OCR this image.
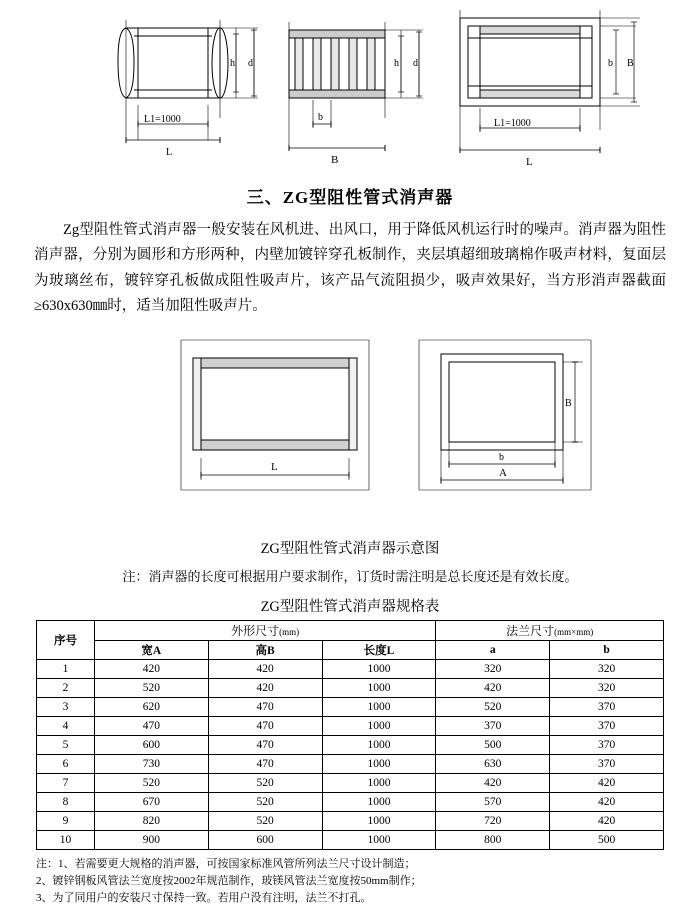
h d
L1=1000
L
h d
b
B
b B
L1=1000
L
三、ZG型阻性管式消声器
Zg型阻性管式消声器一般安装在风机进、出风口，用于降低风机运行时的噪声。消声器为阻性消声器，分别为圆形和方形两种，内壁加镀锌穿孔板制作，夹层填超细玻璃棉作吸声材料，复面层为玻璃丝布，镀锌穿孔板做成阻性吸声片，该产品气流阻损少，吸声效果好，当方形消声器截面≥630x630㎜时，适当加阻性吸声片。
L
B
b
A
ZG型阻性管式消声器示意图
注：消声器的长度可根据用户要求制作，订货时需注明是总长度还是有效长度。
ZG型阻性管式消声器规格表
序号	外形尺寸(mm)			法兰尺寸(mm×mm)	
	宽A	高B	长度L	a	b
1	420	420	1000	320	320
2	520	420	1000	420	320
3	620	470	1000	520	370
4	470	470	1000	370	370
5	600	470	1000	500	370
6	730	470	1000	630	370
7	520	520	1000	420	420
8	670	520	1000	570	420
9	820	520	1000	720	420
10	900	600	1000	800	500
注：1、若需要更大规格的消声器，可按国家标准风管所列法兰尺寸设计制造；
2、镀锌钢板风管法兰宽度按2002年规范制作，玻镁风管法兰宽度按50mm制作；
3、为了同用户的安装尺寸保持一致。若用户没有注明，法兰不打孔。
